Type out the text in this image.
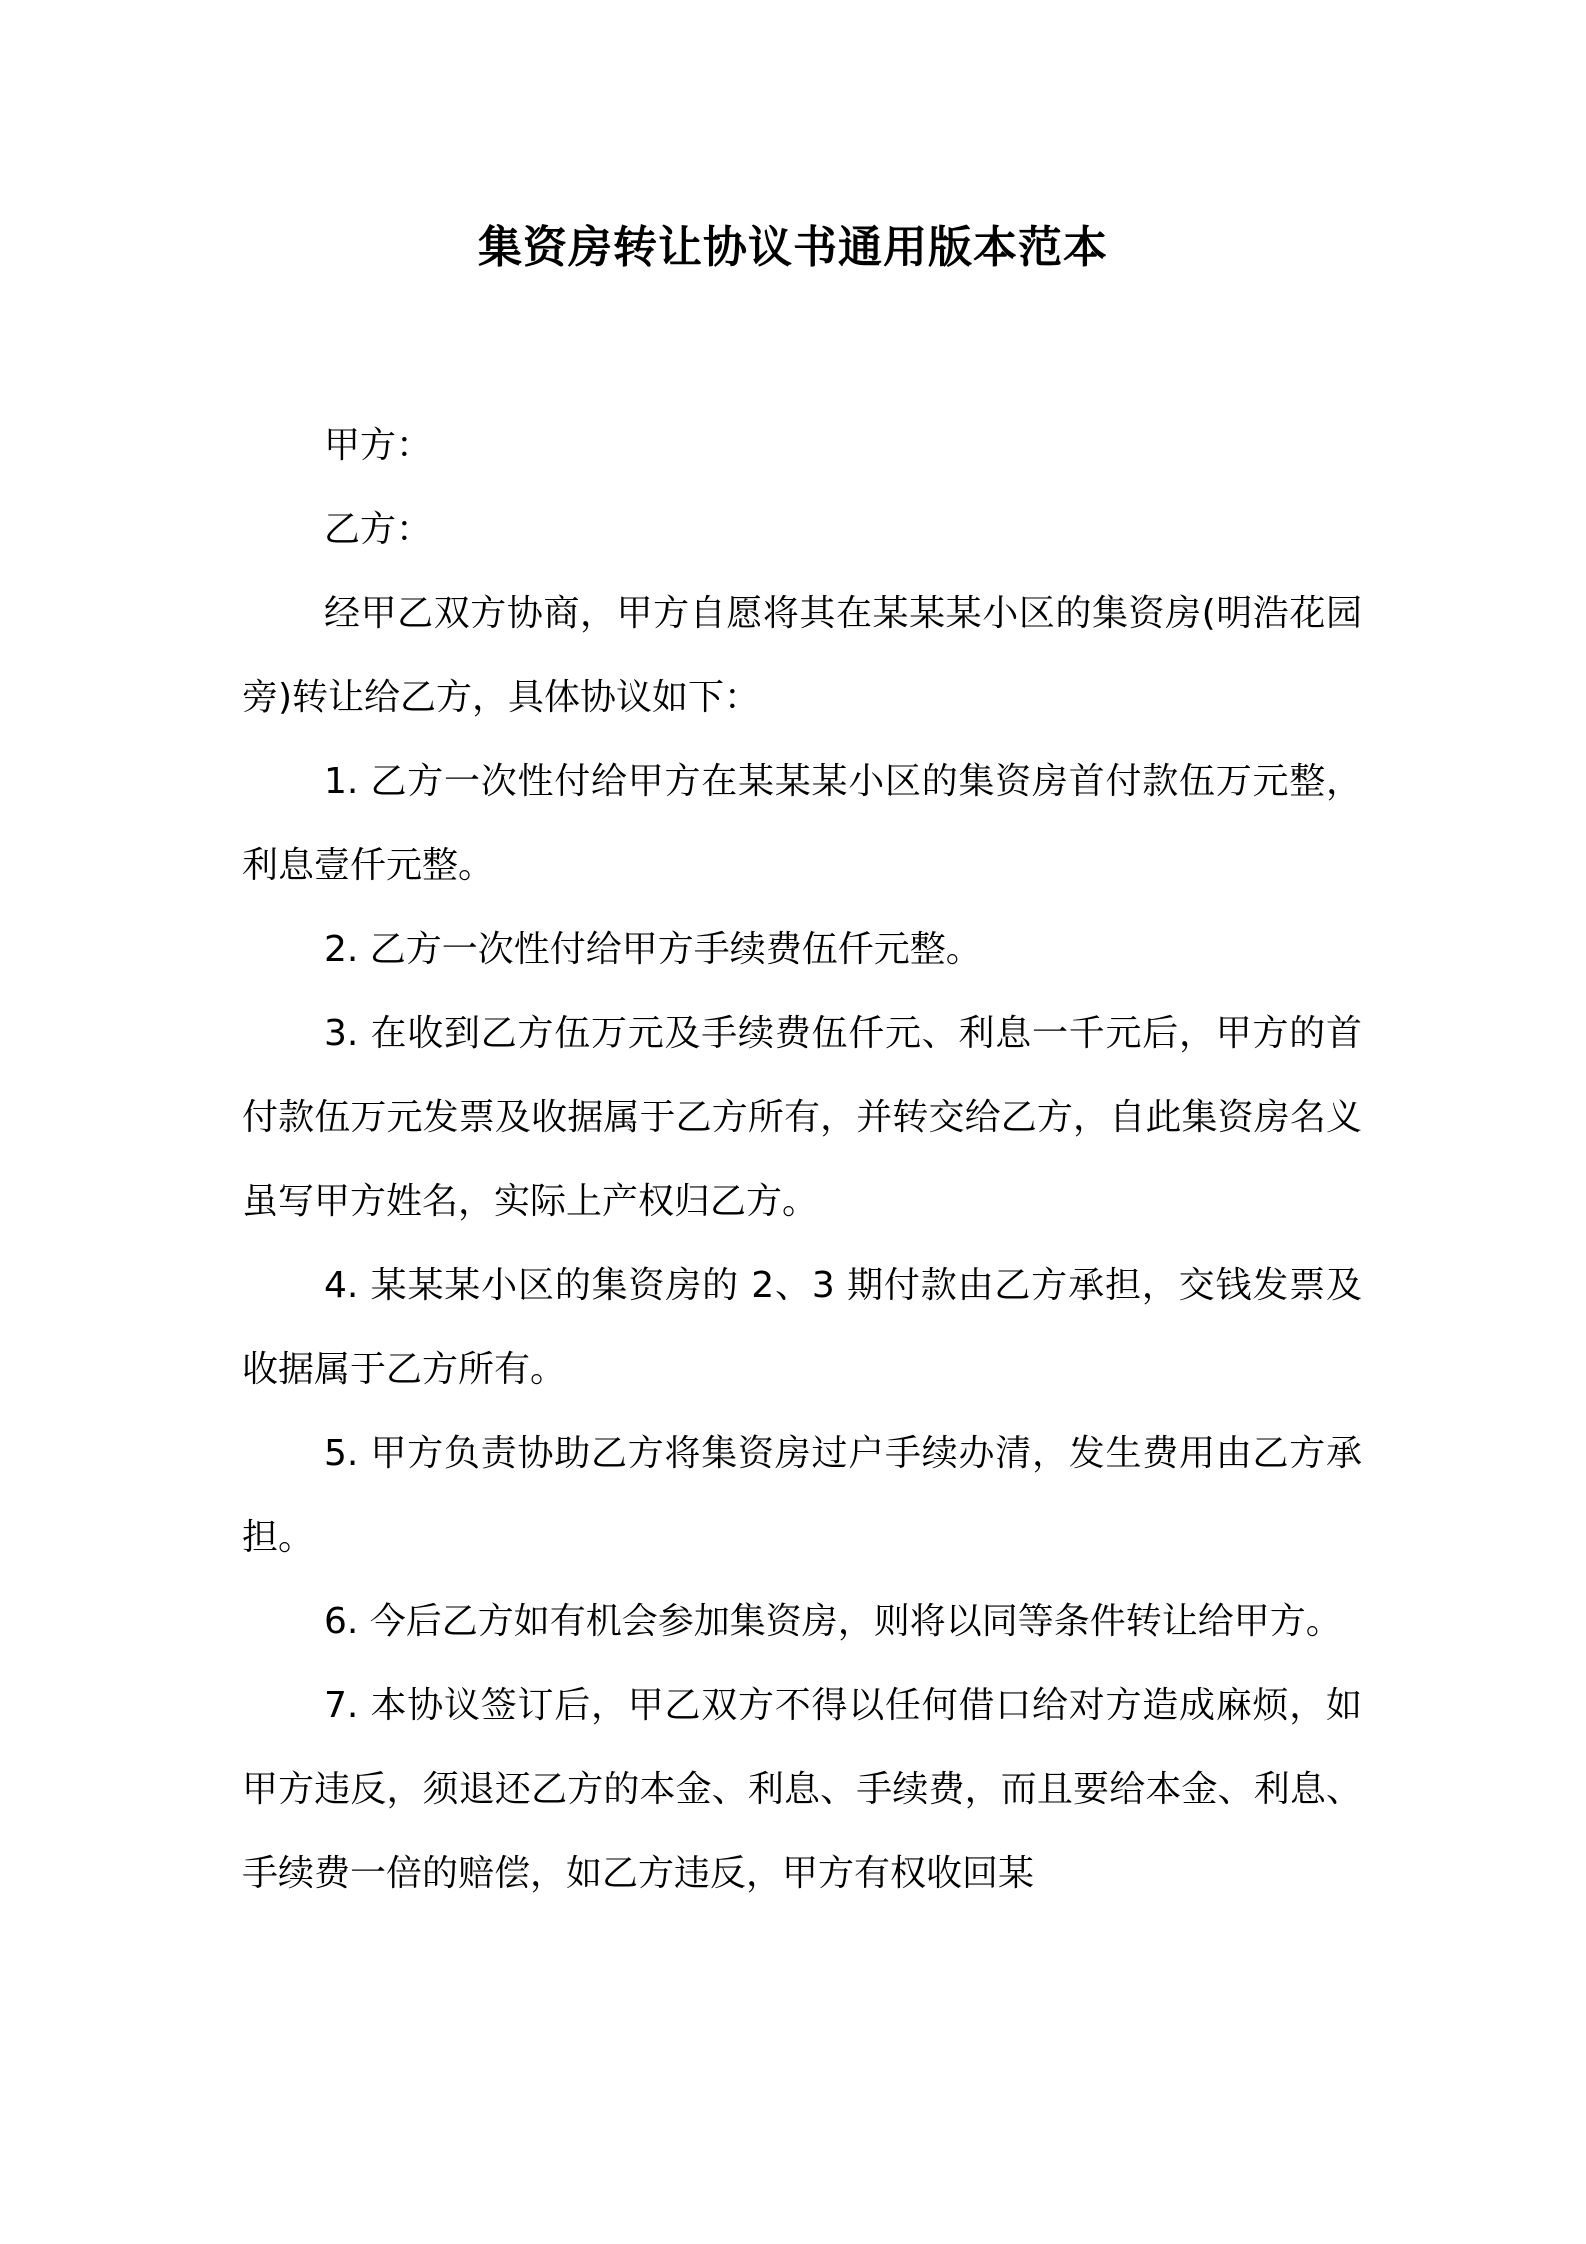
集资房转让协议书通用版本范本

甲方：

乙方：

经甲乙双方协商，甲方自愿将其在某某某小区的集资房(明浩花园旁)转让给乙方，具体协议如下：

1. 乙方一次性付给甲方在某某某小区的集资房首付款伍万元整，利息壹仟元整。

2. 乙方一次性付给甲方手续费伍仟元整。

3. 在收到乙方伍万元及手续费伍仟元、利息一千元后，甲方的首付款伍万元发票及收据属于乙方所有，并转交给乙方，自此集资房名义虽写甲方姓名，实际上产权归乙方。

4. 某某某小区的集资房的 2、3 期付款由乙方承担，交钱发票及收据属于乙方所有。

5. 甲方负责协助乙方将集资房过户手续办清，发生费用由乙方承担。

6. 今后乙方如有机会参加集资房，则将以同等条件转让给甲方。

7. 本协议签订后，甲乙双方不得以任何借口给对方造成麻烦，如甲方违反，须退还乙方的本金、利息、手续费，而且要给本金、利息、手续费一倍的赔偿，如乙方违反，甲方有权收回某
